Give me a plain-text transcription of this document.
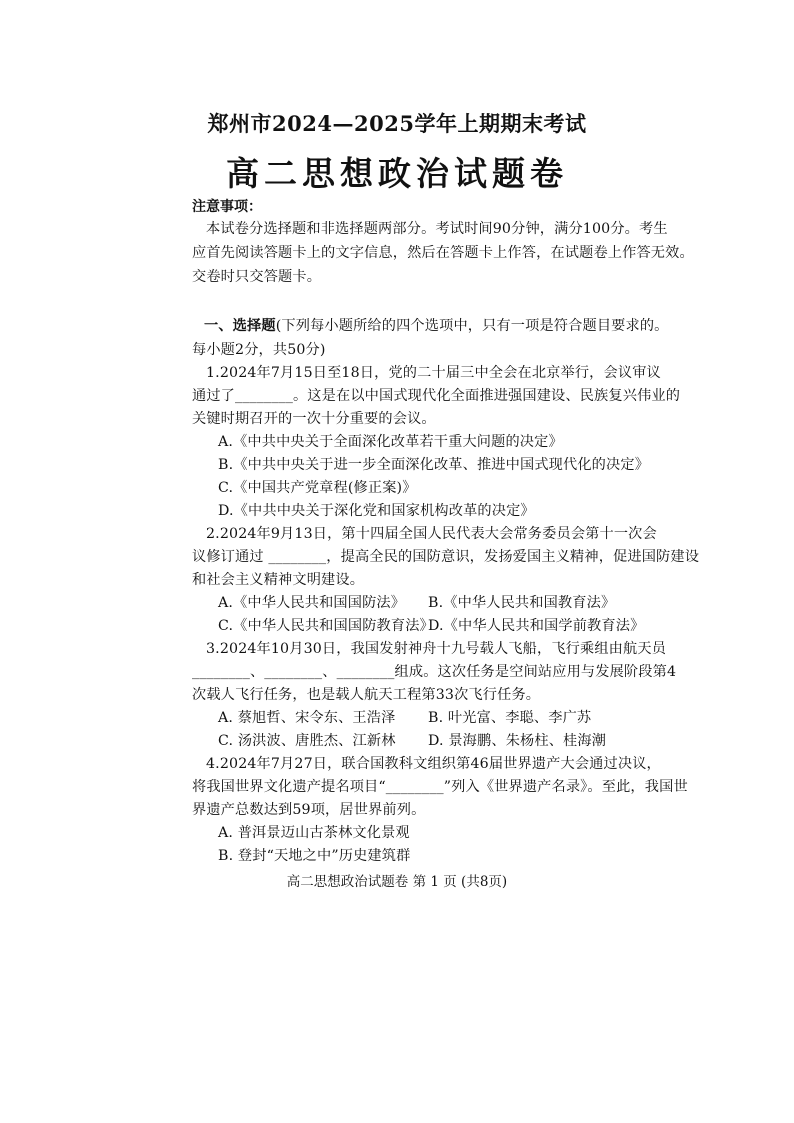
郑州市2024—2025学年上期期末考试
高二思想政治试题卷
注意事项：
本试卷分选择题和非选择题两部分。考试时间90分钟，满分100分。考生
应首先阅读答题卡上的文字信息，然后在答题卡上作答，在试题卷上作答无效。
交卷时只交答题卡。
一、选择题(下列每小题所给的四个选项中，只有一项是符合题目要求的。
每小题2分，共50分)
1.2024年7月15日至18日，党的二十届三中全会在北京举行，会议审议
通过了________。这是在以中国式现代化全面推进强国建设、民族复兴伟业的
关键时期召开的一次十分重要的会议。
A.《中共中央关于全面深化改革若干重大问题的决定》
B.《中共中央关于进一步全面深化改革、推进中国式现代化的决定》
C.《中国共产党章程(修正案)》
D.《中共中央关于深化党和国家机构改革的决定》
2.2024年9月13日，第十四届全国人民代表大会常务委员会第十一次会
议修订通过 ________，提高全民的国防意识，发扬爱国主义精神，促进国防建设
和社会主义精神文明建设。
A.《中华人民共和国国防法》 B.《中华人民共和国教育法》
C.《中华人民共和国国防教育法》
D.《中华人民共和国学前教育法》
3.2024年10月30日，我国发射神舟十九号载人飞船，飞行乘组由航天员
________、________、________组成。这次任务是空间站应用与发展阶段第4
次载人飞行任务，也是载人航天工程第33次飞行任务。
A. 蔡旭哲、宋令东、王浩泽 B. 叶光富、李聪、李广苏
C. 汤洪波、唐胜杰、江新林 D. 景海鹏、朱杨柱、桂海潮
4.2024年7月27日，联合国教科文组织第46届世界遗产大会通过决议，
将我国世界文化遗产提名项目“________”列入《世界遗产名录》。至此，我国世
界遗产总数达到59项，居世界前列。
A. 普洱景迈山古茶林文化景观
B. 登封“天地之中”历史建筑群
高二思想政治试题卷 第 1 页 (共8页)
